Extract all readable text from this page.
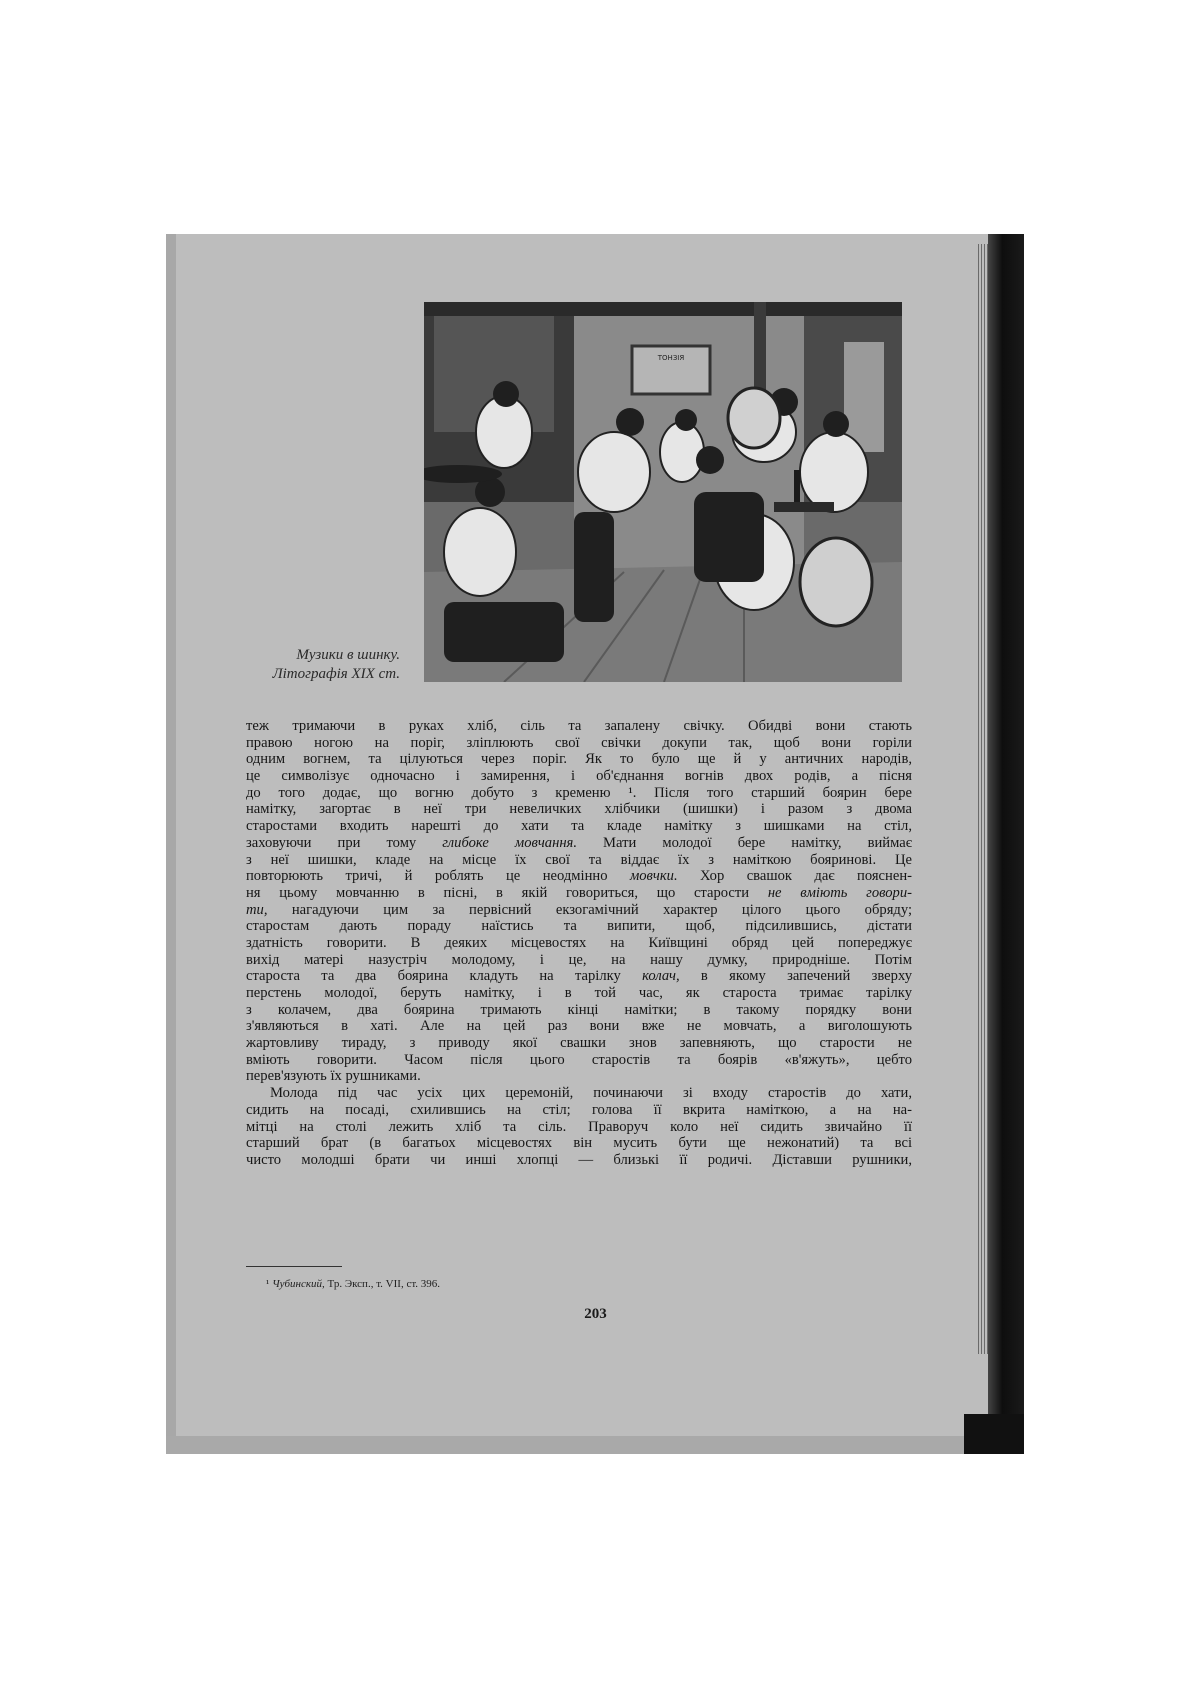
ТОНЗІЯ
Музики в шинку.
Літографія XIX ст.
теж тримаючи в руках хліб, сіль та запалену свічку. Обидві вони стають
правою ногою на поріг, зліплюють свої свічки докупи так, щоб вони горіли
одним вогнем, та цілуються через поріг. Як то було ще й у античних народів,
це символізує одночасно і замирення, і об'єднання вогнів двох родів, а пісня
до того додає, що вогню добуто з кременю ¹. Після того старший боярин бере
намітку, загортає в неї три невеличких хлібчики (шишки) і разом з двома
старостами входить нарешті до хати та кладе намітку з шишками на стіл,
заховуючи при тому глибоке мовчання. Мати молодої бере намітку, виймає
з неї шишки, кладе на місце їх свої та віддає їх з наміткою бояринові. Це
повторюють тричі, й роблять це неодмінно мовчки. Хор свашок дає пояснен-
ня цьому мовчанню в пісні, в якій говориться, що старости не вміють говори-
ти, нагадуючи цим за первісний екзогамічний характер цілого цього обряду;
старостам дають пораду наїстись та випити, щоб, підсилившись, дістати
здатність говорити. В деяких місцевостях на Київщині обряд цей попереджує
вихід матері назустріч молодому, і це, на нашу думку, природніше. Потім
староста та два боярина кладуть на тарілку колач, в якому запечений зверху
перстень молодої, беруть намітку, і в той час, як староста тримає тарілку
з колачем, два боярина тримають кінці намітки; в такому порядку вони
з'являються в хаті. Але на цей раз вони вже не мовчать, а виголошують
жартовливу тираду, з приводу якої свашки знов запевняють, що старости не
вміють говорити. Часом після цього старостів та боярів «в'яжуть», цебто
перев'язують їх рушниками.
Молода під час усіх цих церемоній, починаючи зі входу старостів до хати,
сидить на посаді, схилившись на стіл; голова її вкрита наміткою, а на на-
мітці на столі лежить хліб та сіль. Праворуч коло неї сидить звичайно її
старший брат (в багатьох місцевостях він мусить бути ще нежонатий) та всі
чисто молодші брати чи инші хлопці — близькі її родичі. Діставши рушники,
¹ Чубинский, Тр. Эксп., т. VII, ст. 396.
203
